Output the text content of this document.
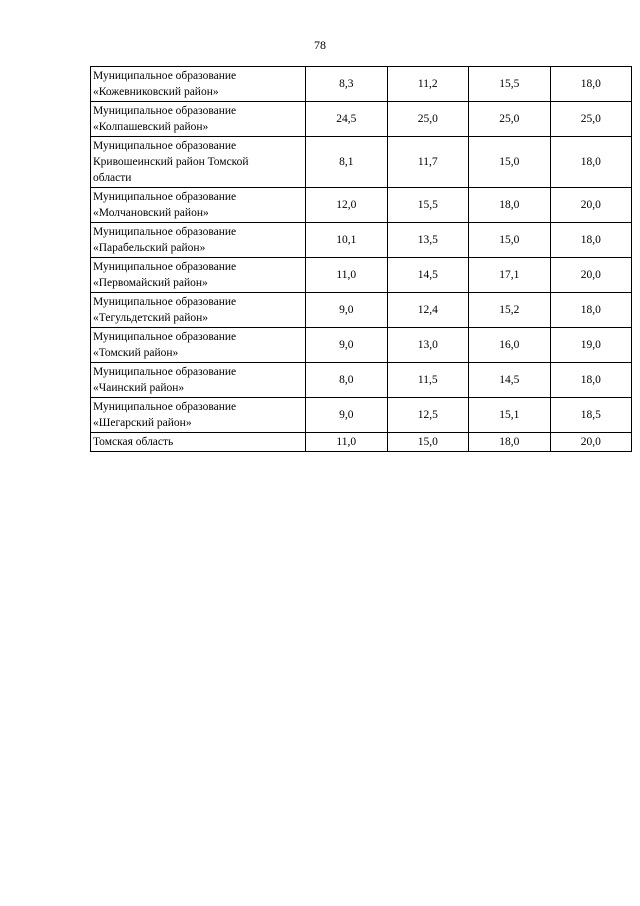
78
Муниципальное образование
«Кожевниковский район»	8,3	11,2	15,5	18,0
Муниципальное образование
«Колпашевский район»	24,5	25,0	25,0	25,0
Муниципальное образование
Кривошеинский район Томской
области	8,1	11,7	15,0	18,0
Муниципальное образование
«Молчановский район»	12,0	15,5	18,0	20,0
Муниципальное образование
«Парабельский район»	10,1	13,5	15,0	18,0
Муниципальное образование
«Первомайский район»	11,0	14,5	17,1	20,0
Муниципальное образование
«Тегульдетский район»	9,0	12,4	15,2	18,0
Муниципальное образование
«Томский район»	9,0	13,0	16,0	19,0
Муниципальное образование
«Чаинский район»	8,0	11,5	14,5	18,0
Муниципальное образование
«Шегарский район»	9,0	12,5	15,1	18,5
Томская область	11,0	15,0	18,0	20,0
